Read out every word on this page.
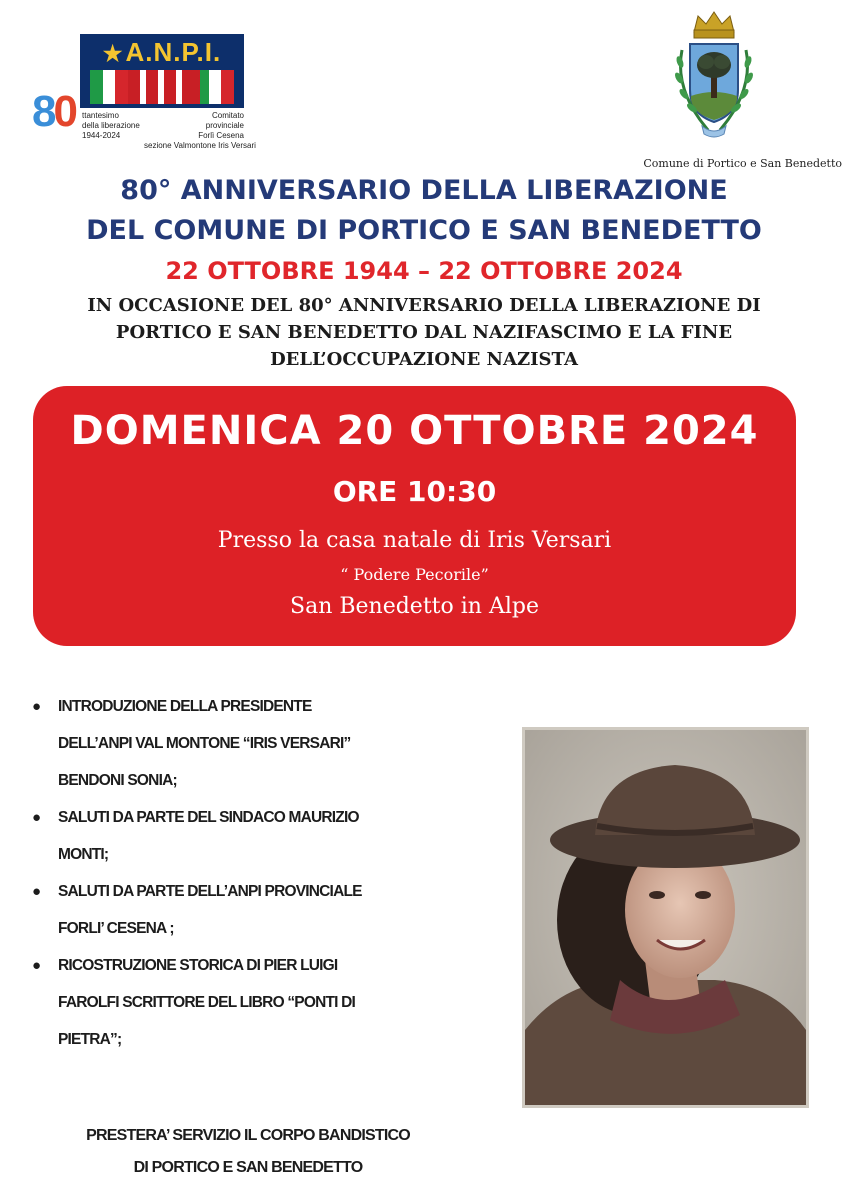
★A.N.P.I.
80 ttantesimo
della liberazione
1944-2024
Comitato provinciale
Forlì Cesena
sezione Valmontone Iris Versari
Comune di Portico e San Benedetto
80° ANNIVERSARIO DELLA LIBERAZIONE
DEL COMUNE DI PORTICO E SAN BENEDETTO
22 OTTOBRE 1944 – 22 OTTOBRE 2024
IN OCCASIONE DEL 80° ANNIVERSARIO DELLA LIBERAZIONE DI PORTICO E SAN BENEDETTO DAL NAZIFASCIMO E LA FINE DELL’OCCUPAZIONE NAZISTA
DOMENICA 20 OTTOBRE 2024
ORE 10:30
Presso la casa natale di Iris Versari
“ Podere Pecorile”
San Benedetto in Alpe
● INTRODUZIONE DELLA PRESIDENTE
DELL’ANPI VAL MONTONE “IRIS VERSARI”
BENDONI SONIA;
● SALUTI DA PARTE DEL SINDACO MAURIZIO
MONTI;
● SALUTI DA PARTE DELL’ANPI PROVINCIALE
FORLI’ CESENA ;
● RICOSTRUZIONE STORICA DI PIER LUIGI
FAROLFI SCRITTORE DEL LIBRO “PONTI DI
PIETRA”;
PRESTERA’ SERVIZIO IL CORPO BANDISTICO
DI PORTICO E SAN BENEDETTO
